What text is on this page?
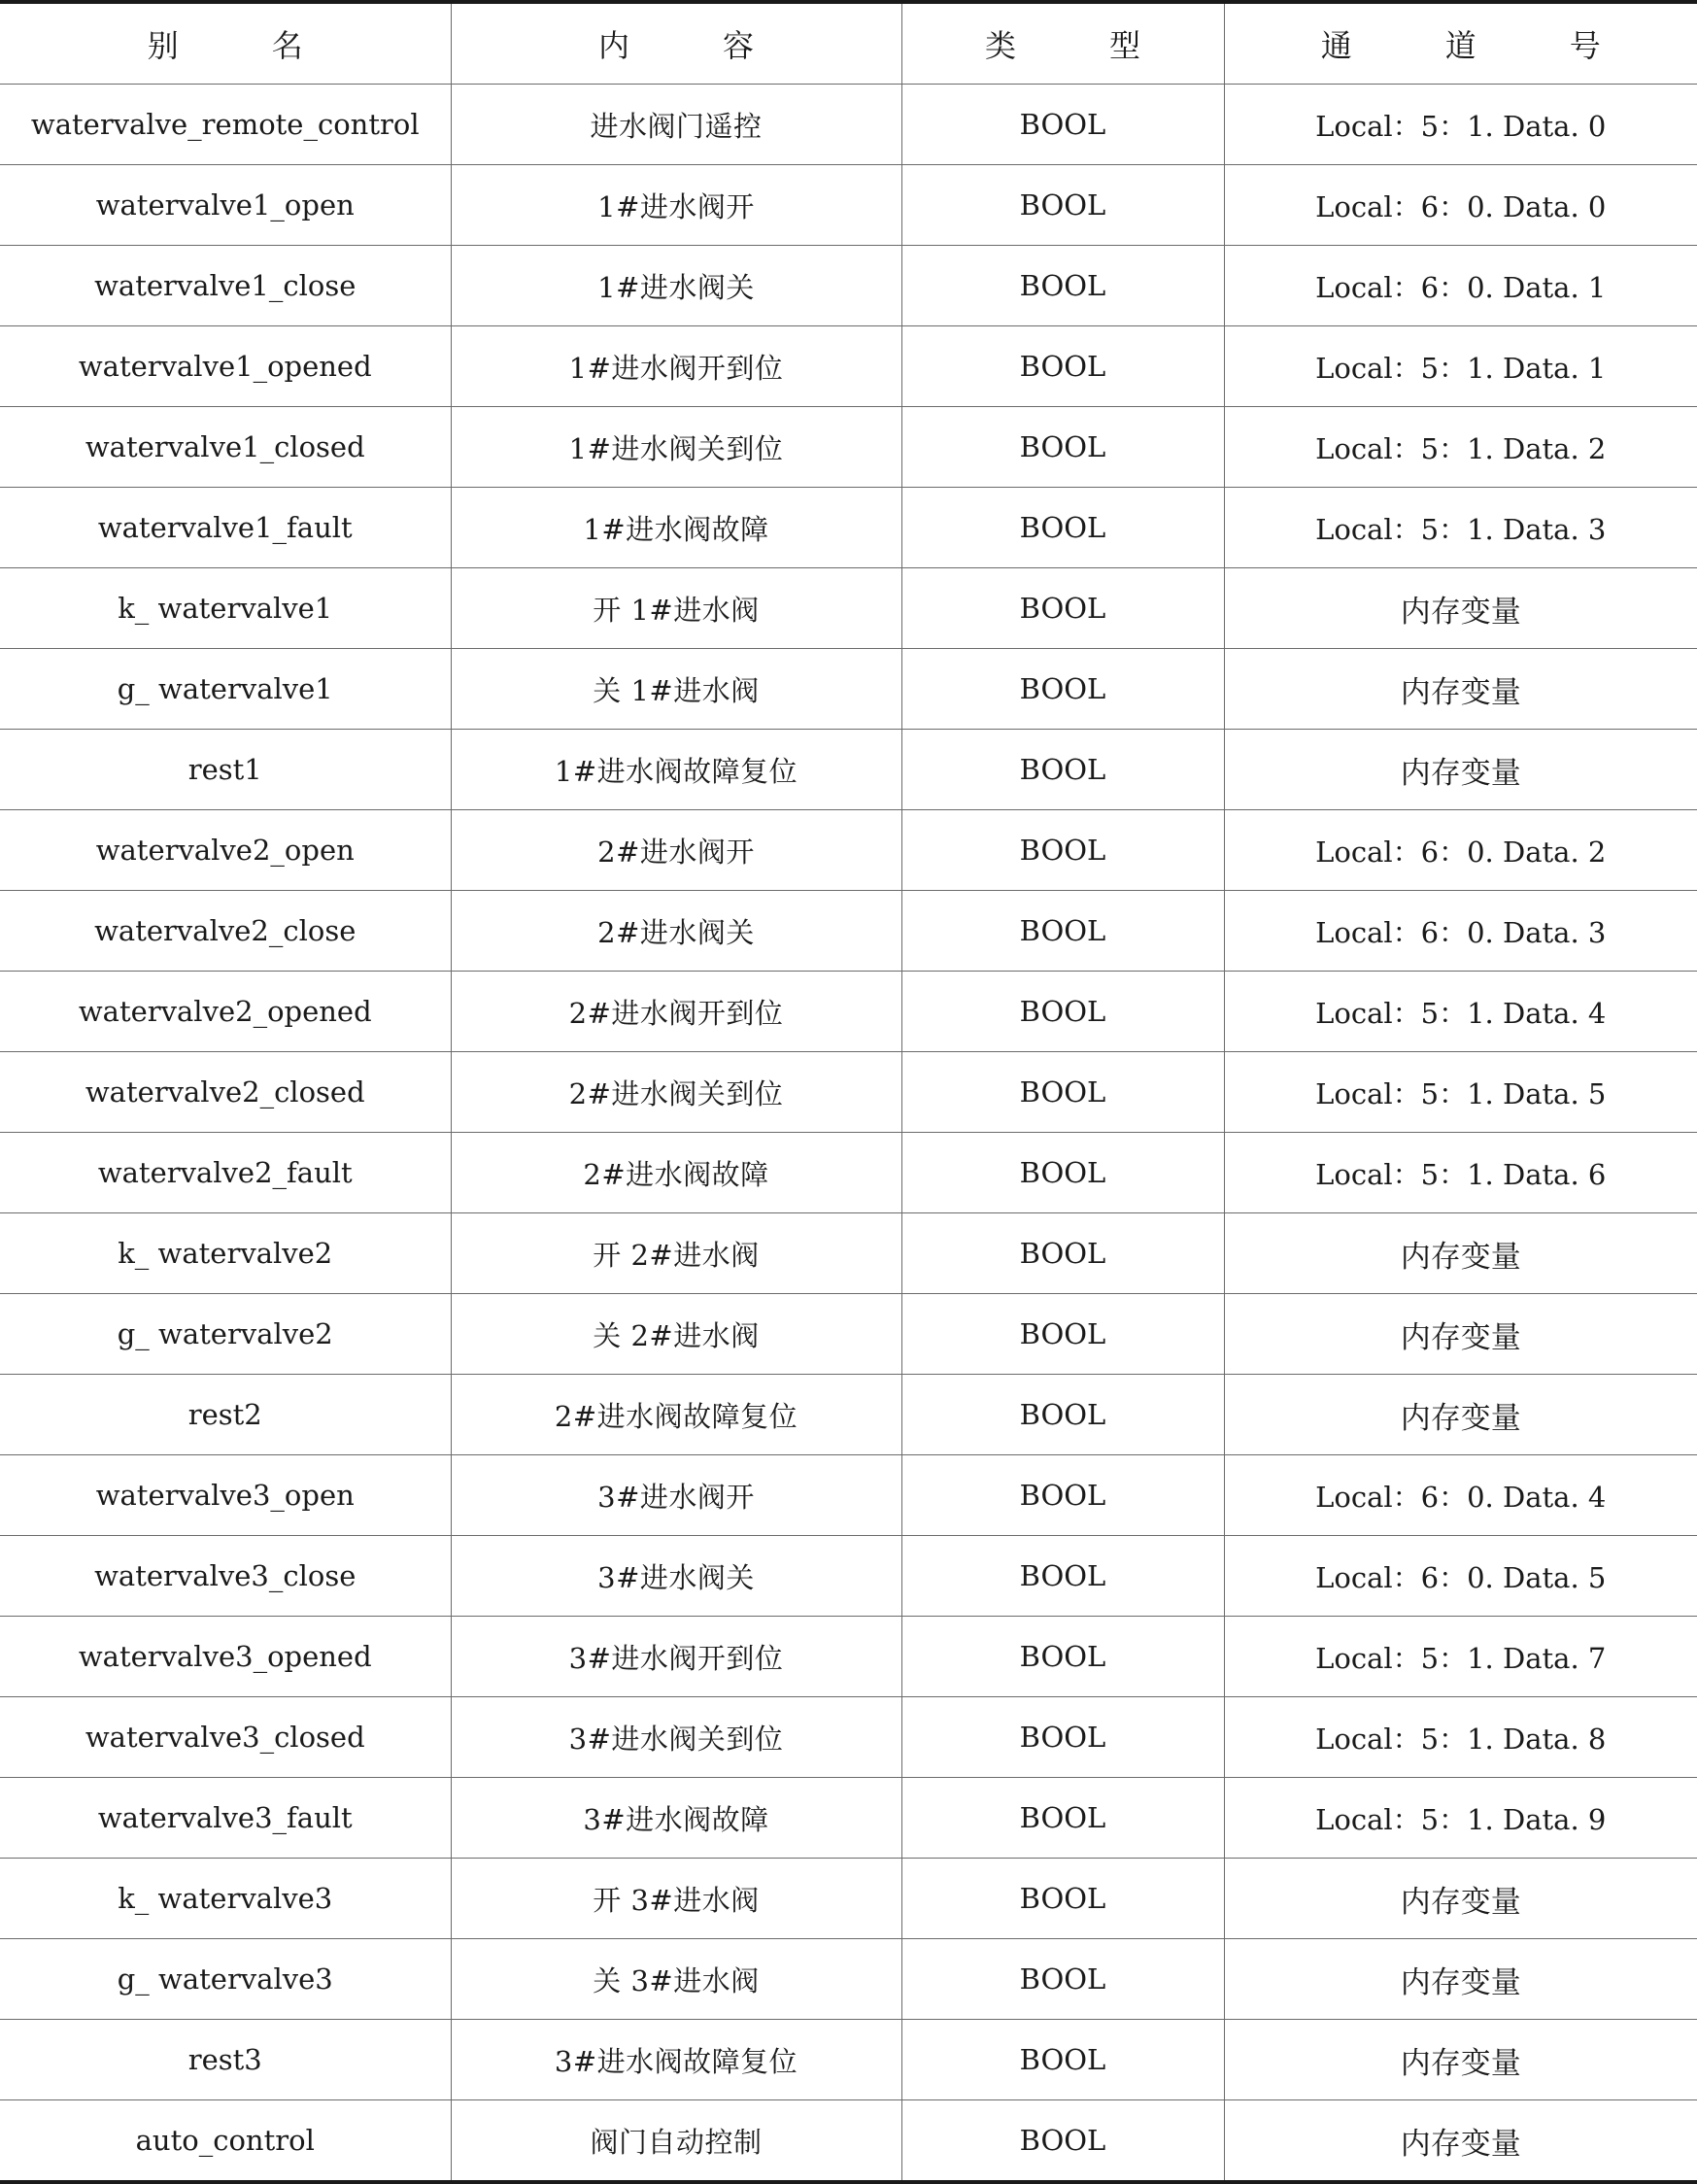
别　名	内　容	类　型	通　道　号
watervalve_remote_control	进水阀门遥控	BOOL	Local：5：1. Data. 0
watervalve1_open	1#进水阀开	BOOL	Local：6：0. Data. 0
watervalve1_close	1#进水阀关	BOOL	Local：6：0. Data. 1
watervalve1_opened	1#进水阀开到位	BOOL	Local：5：1. Data. 1
watervalve1_closed	1#进水阀关到位	BOOL	Local：5：1. Data. 2
watervalve1_fault	1#进水阀故障	BOOL	Local：5：1. Data. 3
k_ watervalve1	开 1#进水阀	BOOL	内存变量
g_ watervalve1	关 1#进水阀	BOOL	内存变量
rest1	1#进水阀故障复位	BOOL	内存变量
watervalve2_open	2#进水阀开	BOOL	Local：6：0. Data. 2
watervalve2_close	2#进水阀关	BOOL	Local：6：0. Data. 3
watervalve2_opened	2#进水阀开到位	BOOL	Local：5：1. Data. 4
watervalve2_closed	2#进水阀关到位	BOOL	Local：5：1. Data. 5
watervalve2_fault	2#进水阀故障	BOOL	Local：5：1. Data. 6
k_ watervalve2	开 2#进水阀	BOOL	内存变量
g_ watervalve2	关 2#进水阀	BOOL	内存变量
rest2	2#进水阀故障复位	BOOL	内存变量
watervalve3_open	3#进水阀开	BOOL	Local：6：0. Data. 4
watervalve3_close	3#进水阀关	BOOL	Local：6：0. Data. 5
watervalve3_opened	3#进水阀开到位	BOOL	Local：5：1. Data. 7
watervalve3_closed	3#进水阀关到位	BOOL	Local：5：1. Data. 8
watervalve3_fault	3#进水阀故障	BOOL	Local：5：1. Data. 9
k_ watervalve3	开 3#进水阀	BOOL	内存变量
g_ watervalve3	关 3#进水阀	BOOL	内存变量
rest3	3#进水阀故障复位	BOOL	内存变量
auto_control	阀门自动控制	BOOL	内存变量
